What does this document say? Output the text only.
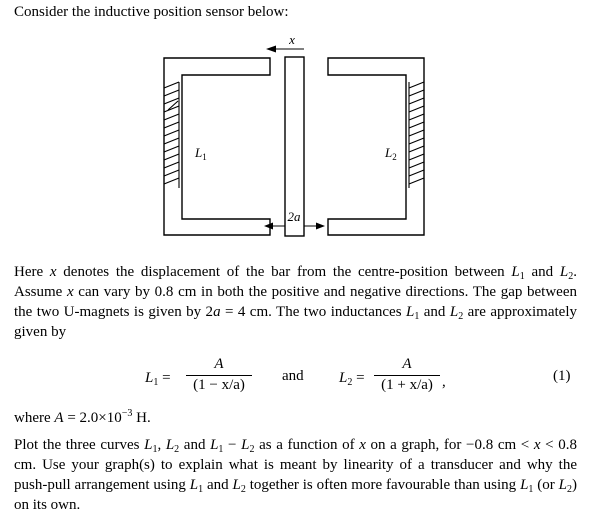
Consider the inductive position sensor below:
x
2a
$L_1$	$L_2$
Here x denotes the displacement of the bar from the centre-position between $L_1$ and $L_2$. Assume x can vary by 0.8 cm in both the positive and negative directions. The gap between the two U-magnets is given by 2a = 4 cm. The two inductances $L_1$ and $L_2$ are approximately given by
$L_1$ =
A
(1 − x/a)
and $L_2$ =
A
(1 + x/a) ,	(1)
where $A = 2.0\times 10^{-3}$ H.
Plot the three curves $L_1$, $L_2$ and $L_1 - L_2$ as a function of x on a graph, for −0.8 cm < x < 0.8 cm. Use your graph(s) to explain what is meant by linearity of a transducer and why the push-pull arrangement using $L_1$ and $L_2$ together is often more favourable than using $L_1$ (or $L_2$) on its own.
